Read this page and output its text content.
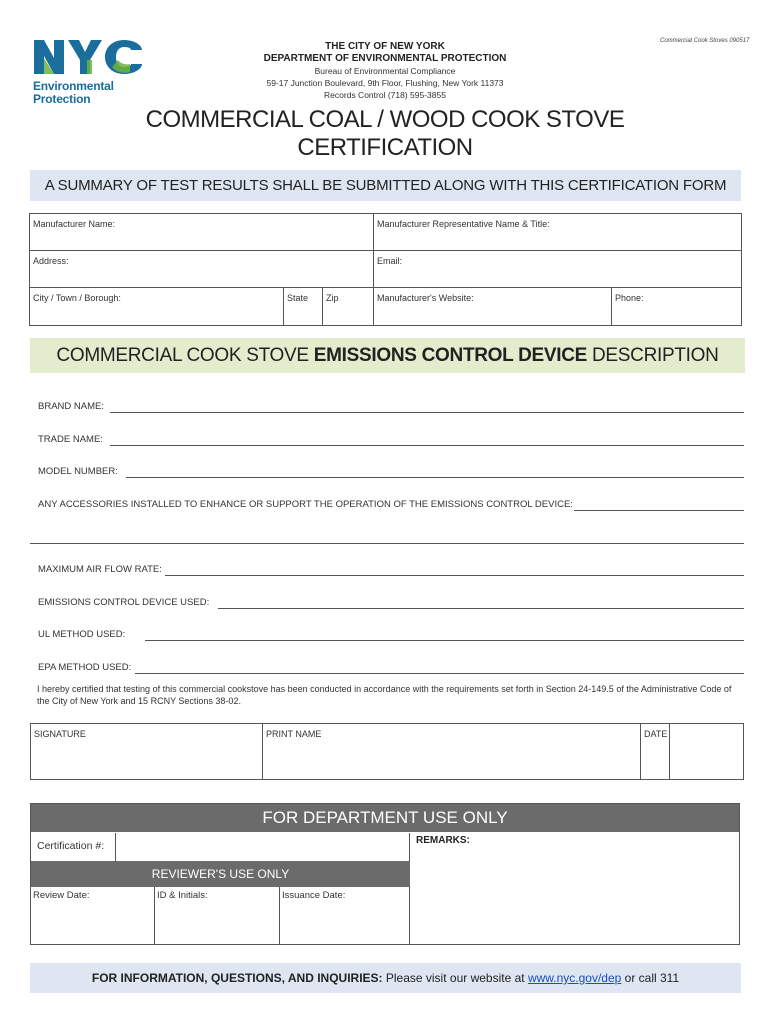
Commercial Cook Stoves 090517
Environmental
Protection
THE CITY OF NEW YORK
DEPARTMENT OF ENVIRONMENTAL PROTECTION
Bureau of Environmental Compliance
59-17 Junction Boulevard, 9th Floor, Flushing, New York 11373
Records Control (718) 595-3855
COMMERCIAL COAL / WOOD COOK STOVE
CERTIFICATION
A SUMMARY OF TEST RESULTS SHALL BE SUBMITTED ALONG WITH THIS CERTIFICATION FORM
Manufacturer Name:	Manufacturer Representative Name & Title:
Address:	Email:
City / Town / Borough:	State	Zip	Manufacturer's Website:	Phone:
COMMERCIAL COOK STOVE EMISSIONS CONTROL DEVICE DESCRIPTION
BRAND NAME:
TRADE NAME:
MODEL NUMBER:
ANY ACCESSORIES INSTALLED TO ENHANCE OR SUPPORT THE OPERATION OF THE EMISSIONS CONTROL DEVICE:
MAXIMUM AIR FLOW RATE:
EMISSIONS CONTROL DEVICE USED:
UL METHOD USED:
EPA METHOD USED:
I hereby certified that testing of this commercial cookstove has been conducted in accordance with the requirements set forth in Section 24-149.5 of the Administrative Code of the City of New York and 15 RCNY Sections 38-02.
SIGNATURE	PRINT NAME	DATE
FOR DEPARTMENT USE ONLY
Certification #:	REMARKS:
REVIEWER'S USE ONLY
Review Date:	ID & Initials:	Issuance Date:
FOR INFORMATION, QUESTIONS, AND INQUIRIES: Please visit our website at www.nyc.gov/dep or call 311
